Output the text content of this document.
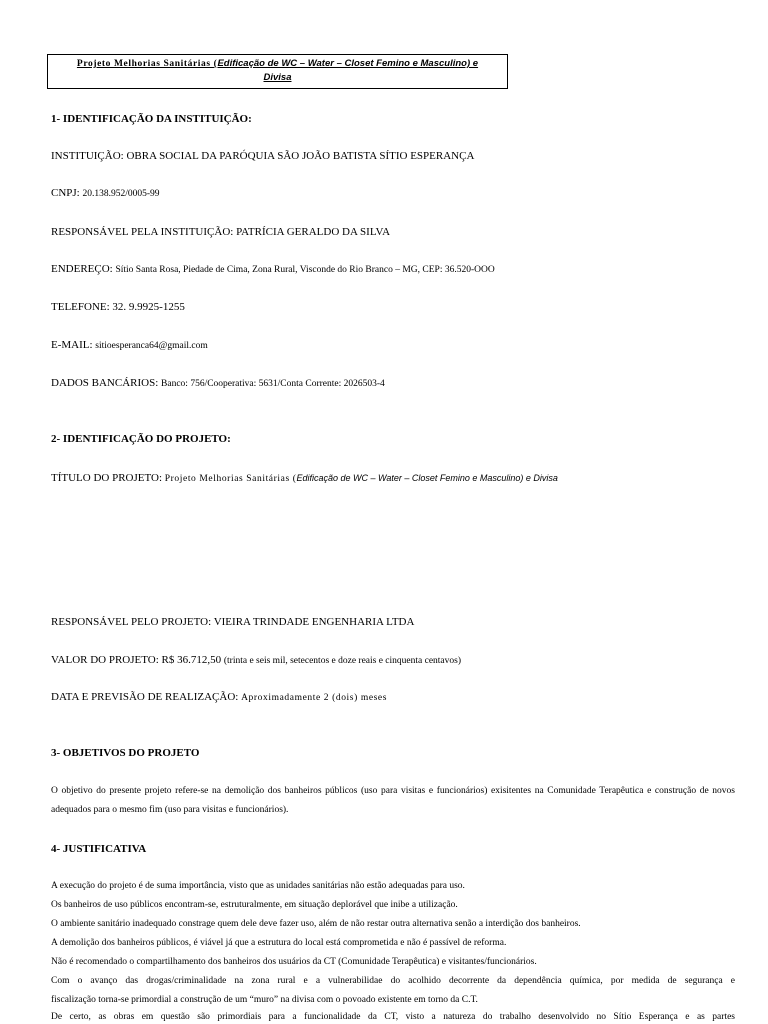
Projeto Melhorias Sanitárias (Edificação de WC – Water – Closet Femino e Masculino) e
Divisa
1- IDENTIFICAÇÃO DA INSTITUIÇÃO:
INSTITUIÇÃO: OBRA SOCIAL DA PARÓQUIA SÃO JOÃO BATISTA SÍTIO ESPERANÇA
CNPJ: 20.138.952/0005-99
RESPONSÁVEL PELA INSTITUIÇÃO: PATRÍCIA GERALDO DA SILVA
ENDEREÇO: Sítio Santa Rosa, Piedade de Cima, Zona Rural, Visconde do Rio Branco – MG, CEP: 36.520-OOO
TELEFONE: 32. 9.9925-1255
E-MAIL: sitioesperanca64@gmail.com
DADOS BANCÁRIOS: Banco: 756/Cooperativa: 5631/Conta Corrente: 2026503-4
2- IDENTIFICAÇÃO DO PROJETO:
TÍTULO DO PROJETO: Projeto Melhorias Sanitárias (Edificação de WC – Water – Closet Femino e Masculino) e Divisa
RESPONSÁVEL PELO PROJETO: VIEIRA TRINDADE ENGENHARIA LTDA
VALOR DO PROJETO: R$ 36.712,50 (trinta e seis mil, setecentos e doze reais e cinquenta centavos)
DATA E PREVISÃO DE REALIZAÇÃO: Aproximadamente 2 (dois) meses
3- OBJETIVOS DO PROJETO
O objetivo do presente projeto refere-se na demolição dos banheiros públicos (uso para visitas e funcionários) exisitentes na Comunidade Terapêutica e construção de novos adequados para o mesmo fim (uso para visitas e funcionários).
4- JUSTIFICATIVA
A execução do projeto é de suma importância, visto que as unidades sanitárias não estão adequadas para uso.
Os banheiros de uso públicos encontram-se, estruturalmente, em situação deplorável que inibe a utilização.
O ambiente sanitário inadequado constrage quem dele deve fazer uso, além de não restar outra alternativa senão a interdição dos banheiros.
A demolição dos banheiros públicos, é viável já que a estrutura do local está comprometida e não é passível de reforma.
Não é recomendado o compartilhamento dos banheiros dos usuários da CT (Comunidade Terapêutica) e visitantes/funcionários.
Com o avanço das drogas/criminalidade na zona rural e a vulnerabilidae do acolhido decorrente da dependência química, por medida de segurança e
fiscalização torna-se primordial a construção de um “muro” na divisa com o povoado existente em torno da C.T.
De certo, as obras em questão são primordiais para a funcionalidade da CT, visto a natureza do trabalho desenvolvido no Sítio Esperança e as partes
